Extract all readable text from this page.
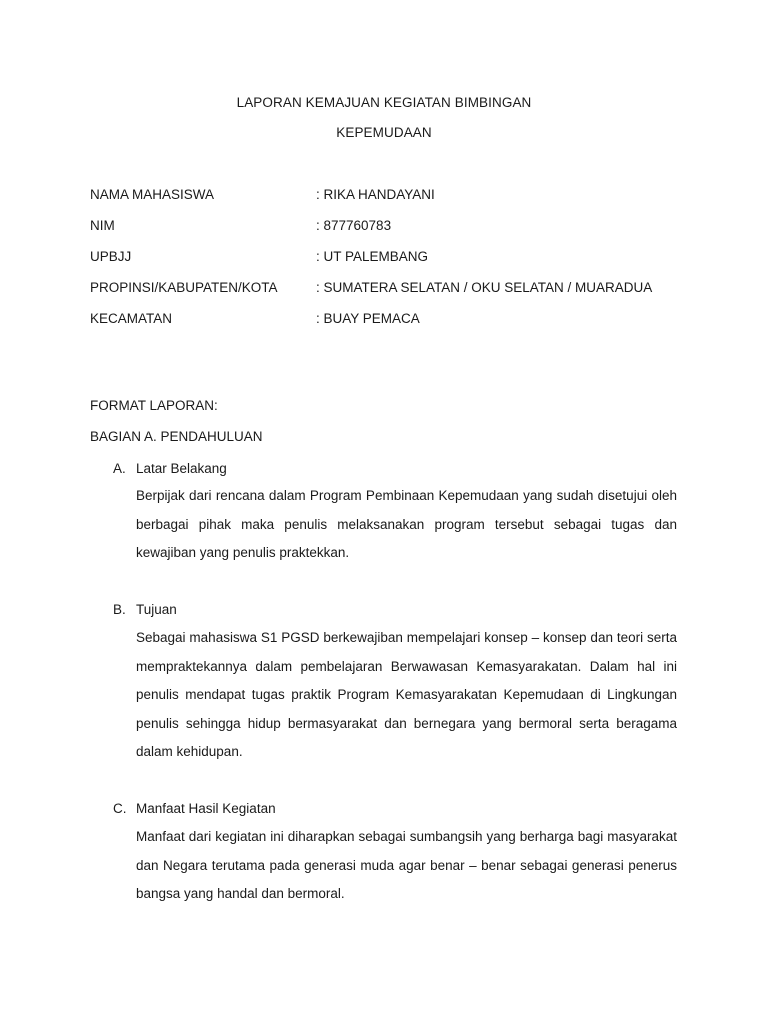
LAPORAN KEMAJUAN KEGIATAN BIMBINGAN
KEPEMUDAAN
NAMA MAHASISWA	: RIKA HANDAYANI
NIM	: 877760783
UPBJJ	: UT PALEMBANG
PROPINSI/KABUPATEN/KOTA	: SUMATERA SELATAN / OKU SELATAN / MUARADUA
KECAMATAN	: BUAY PEMACA
FORMAT LAPORAN:
BAGIAN A. PENDAHULUAN
A. Latar Belakang

Berpijak dari rencana dalam Program Pembinaan Kepemudaan yang sudah disetujui oleh berbagai pihak maka penulis melaksanakan program tersebut sebagai tugas dan kewajiban yang penulis praktekkan.

B. Tujuan

Sebagai mahasiswa S1 PGSD berkewajiban mempelajari konsep – konsep dan teori serta mempraktekannya dalam pembelajaran Berwawasan Kemasyarakatan. Dalam hal ini penulis mendapat tugas praktik Program Kemasyarakatan Kepemudaan di Lingkungan penulis sehingga hidup bermasyarakat dan bernegara yang bermoral serta beragama dalam kehidupan.

C. Manfaat Hasil Kegiatan

Manfaat dari kegiatan ini diharapkan sebagai sumbangsih yang berharga bagi masyarakat dan Negara terutama pada generasi muda agar benar – benar sebagai generasi penerus bangsa yang handal dan bermoral.
